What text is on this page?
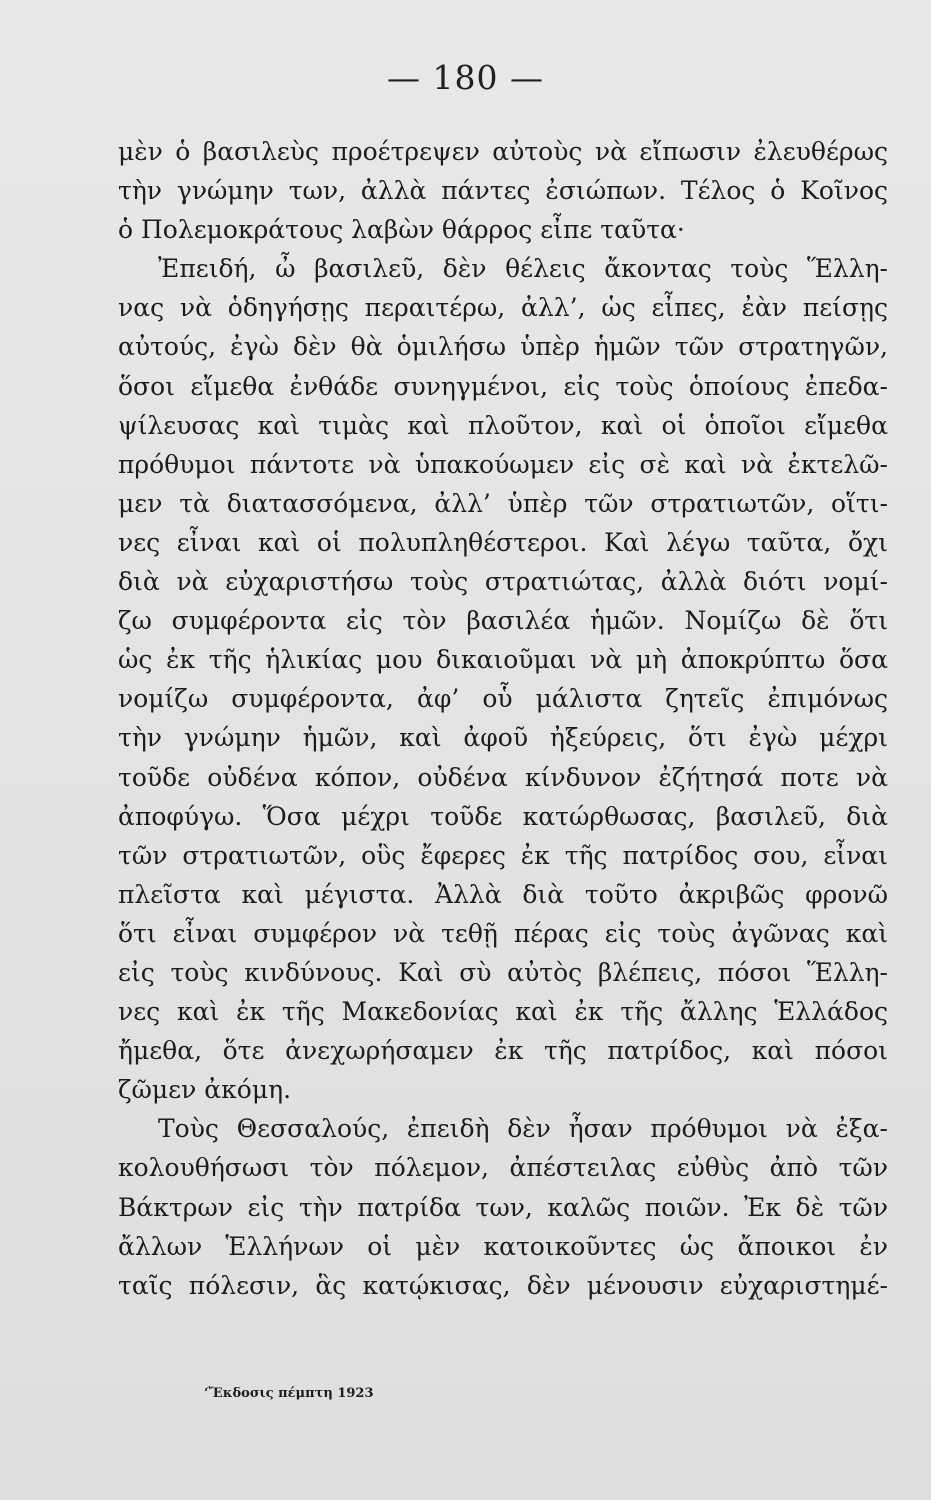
— 180 —
μὲν ὁ βασιλεὺς προέτρεψεν αὐτοὺς νὰ εἴπωσιν ἐλευθέρως
τὴν γνώμην των, ἀλλὰ πάντες ἐσιώπων. Τέλος ὁ Κοῖνος
ὁ Πολεμοκράτους λαβὼν θάρρος εἶπε ταῦτα·
Ἐπειδή, ὦ βασιλεῦ, δὲν θέλεις ἄκοντας τοὺς Ἕλλη-
νας νὰ ὁδηγήσῃς περαιτέρω, ἀλλ’, ὡς εἶπες, ἐὰν πείσῃς
αὐτούς, ἐγὼ δὲν θὰ ὁμιλήσω ὑπὲρ ἡμῶν τῶν στρατηγῶν,
ὅσοι εἴμεθα ἐνθάδε συνηγμένοι, εἰς τοὺς ὁποίους ἐπεδα-
ψίλευσας καὶ τιμὰς καὶ πλοῦτον, καὶ οἱ ὁποῖοι εἴμεθα
πρόθυμοι πάντοτε νὰ ὑπακούωμεν εἰς σὲ καὶ νὰ ἐκτελῶ-
μεν τὰ διατασσόμενα, ἀλλ’ ὑπὲρ τῶν στρατιωτῶν, οἵτι-
νες εἶναι καὶ οἱ πολυπληθέστεροι. Καὶ λέγω ταῦτα, ὄχι
διὰ νὰ εὐχαριστήσω τοὺς στρατιώτας, ἀλλὰ διότι νομί-
ζω συμφέροντα εἰς τὸν βασιλέα ἡμῶν. Νομίζω δὲ ὅτι
ὡς ἐκ τῆς ἡλικίας μου δικαιοῦμαι νὰ μὴ ἀποκρύπτω ὅσα
νομίζω συμφέροντα, ἀφ’ οὗ μάλιστα ζητεῖς ἐπιμόνως
τὴν γνώμην ἡμῶν, καὶ ἀφοῦ ἠξεύρεις, ὅτι ἐγὼ μέχρι
τοῦδε οὐδένα κόπον, οὐδένα κίνδυνον ἐζήτησά ποτε νὰ
ἀποφύγω. Ὅσα μέχρι τοῦδε κατώρθωσας, βασιλεῦ, διὰ
τῶν στρατιωτῶν, οὓς ἔφερες ἐκ τῆς πατρίδος σου, εἶναι
πλεῖστα καὶ μέγιστα. Ἀλλὰ διὰ τοῦτο ἀκριβῶς φρονῶ
ὅτι εἶναι συμφέρον νὰ τεθῇ πέρας εἰς τοὺς ἀγῶνας καὶ
εἰς τοὺς κινδύνους. Καὶ σὺ αὐτὸς βλέπεις, πόσοι Ἕλλη-
νες καὶ ἐκ τῆς Μακεδονίας καὶ ἐκ τῆς ἄλλης Ἑλλάδος
ἤμεθα, ὅτε ἀνεχωρήσαμεν ἐκ τῆς πατρίδος, καὶ πόσοι
ζῶμεν ἀκόμη.
Τοὺς Θεσσαλούς, ἐπειδὴ δὲν ἦσαν πρόθυμοι νὰ ἐξα-
κολουθήσωσι τὸν πόλεμον, ἀπέστειλας εὐθὺς ἀπὸ τῶν
Βάκτρων εἰς τὴν πατρίδα των, καλῶς ποιῶν. Ἐκ δὲ τῶν
ἄλλων Ἑλλήνων οἱ μὲν κατοικοῦντες ὡς ἄποικοι ἐν
ταῖς πόλεσιν, ἃς κατῴκισας, δὲν μένουσιν εὐχαριστημέ-
‘Ἔκδοσις πέμπτη 1923
